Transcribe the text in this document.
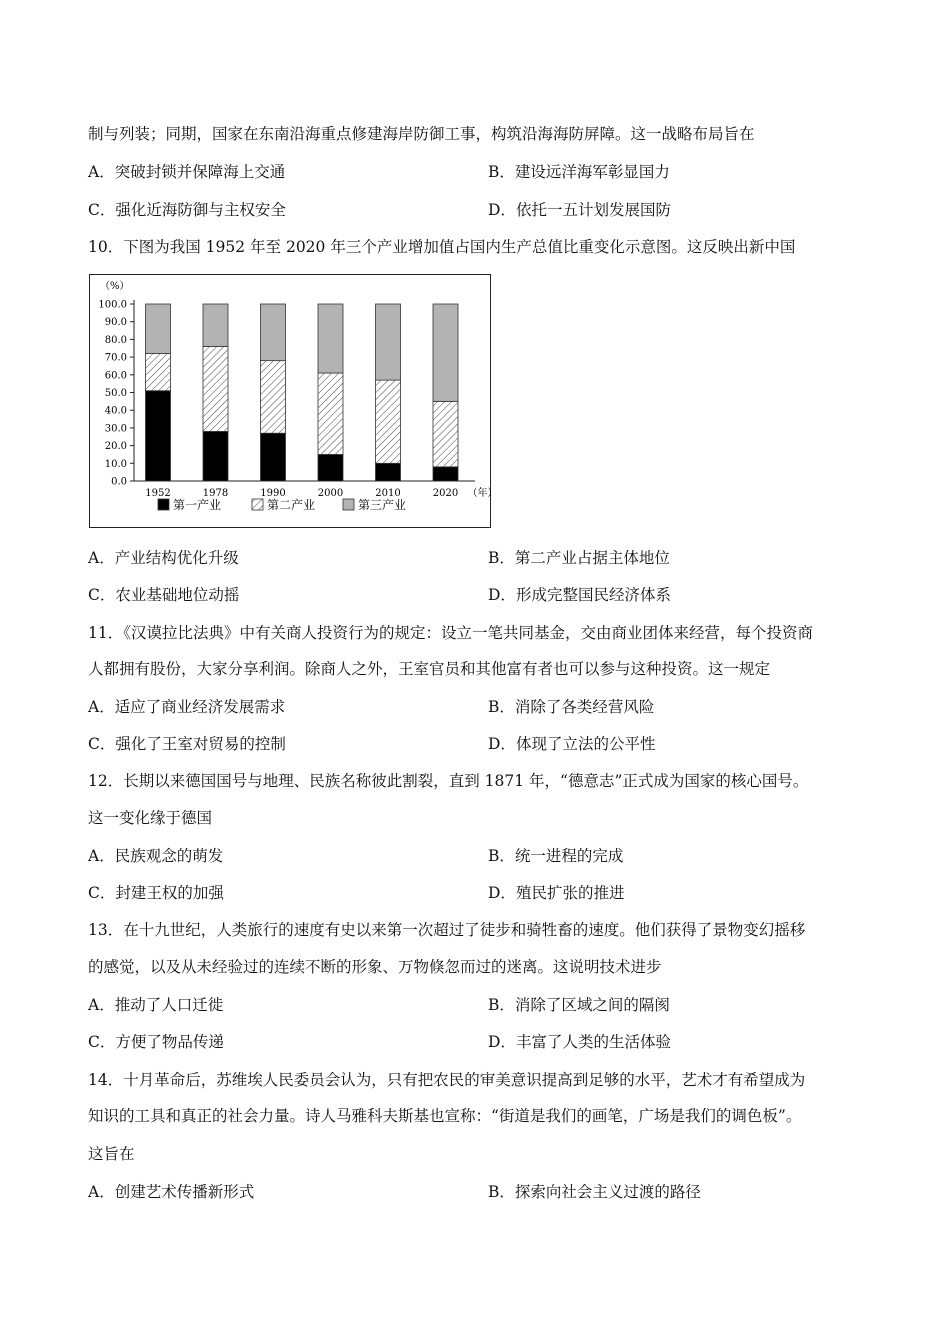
制与列装；同期，国家在东南沿海重点修建海岸防御工事，构筑沿海海防屏障。这一战略布局旨在
A．突破封锁并保障海上交通	B．建设远洋海军彰显国力
C．强化近海防御与主权安全	D．依托一五计划发展国防
10．下图为我国 1952 年至 2020 年三个产业增加值占国内生产总值比重变化示意图。这反映出新中国
（%）
0.0
10.0
20.0
30.0
40.0
50.0
60.0
70.0
80.0
90.0
100.0
1952	1978	1990	2000	2010	2020 （年）
第一产业	第二产业	第三产业
A．产业结构优化升级	B．第二产业占据主体地位
C．农业基础地位动摇	D．形成完整国民经济体系
11．《汉谟拉比法典》中有关商人投资行为的规定：设立一笔共同基金，交由商业团体来经营，每个投资商
人都拥有股份，大家分享利润。除商人之外，王室官员和其他富有者也可以参与这种投资。这一规定
A．适应了商业经济发展需求	B．消除了各类经营风险
C．强化了王室对贸易的控制	D．体现了立法的公平性
12．长期以来德国国号与地理、民族名称彼此割裂，直到 1871 年，“德意志”正式成为国家的核心国号。
这一变化缘于德国
A．民族观念的萌发	B．统一进程的完成
C．封建王权的加强	D．殖民扩张的推进
13．在十九世纪，人类旅行的速度有史以来第一次超过了徒步和骑牲畜的速度。他们获得了景物变幻摇移
的感觉，以及从未经验过的连续不断的形象、万物倏忽而过的迷离。这说明技术进步
A．推动了人口迁徙	B．消除了区域之间的隔阂
C．方便了物品传递	D．丰富了人类的生活体验
14．十月革命后，苏维埃人民委员会认为，只有把农民的审美意识提高到足够的水平，艺术才有希望成为
知识的工具和真正的社会力量。诗人马雅科夫斯基也宣称：“街道是我们的画笔，广场是我们的调色板”。
这旨在
A．创建艺术传播新形式	B．探索向社会主义过渡的路径
